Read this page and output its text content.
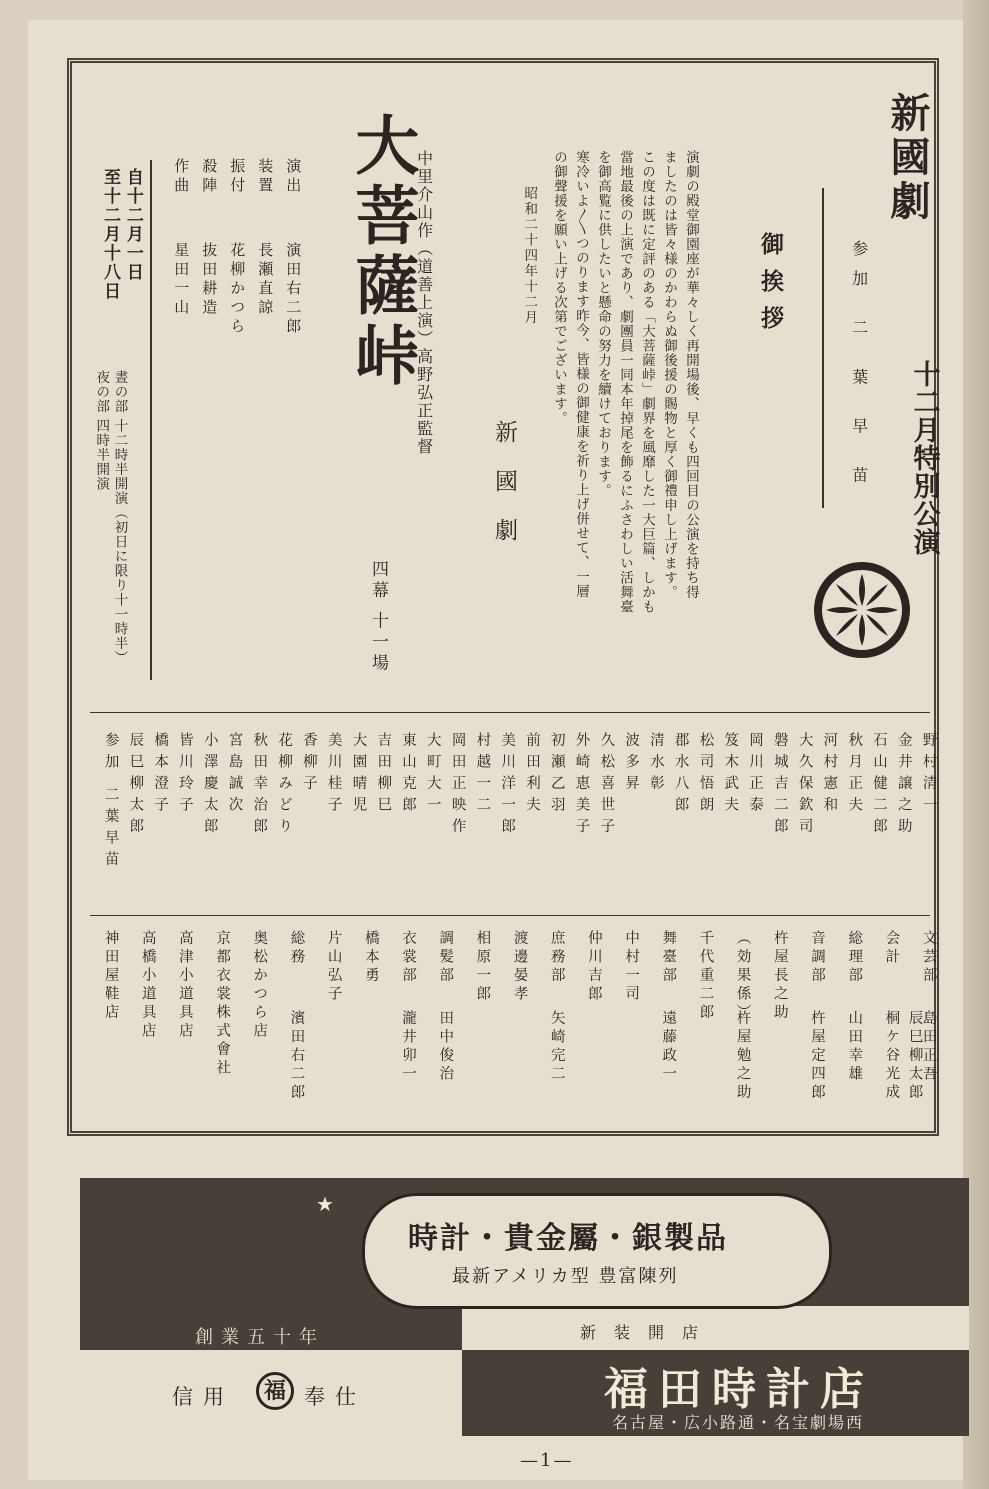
新國劇
十二月特別公演
参加 二 葉 早 苗
御挨拶
演劇の殿堂御園座が華々しく再開場後、早くも四回目の公演を持ち得
ましたのは皆々様のかわらぬ御後援の賜物と厚く御禮申し上げます。
この度は既に定評のある「大菩薩峠」劇界を風靡した一大巨篇、しかも
當地最後の上演であり、劇團員一同本年掉尾を飾るにふさわしい活舞臺
を御高覧に供したいと懸命の努力を續けております。
寒冷いよ〳〵つのります昨今、皆様の御健康を祈り上げ併せて、一層
の御聲援を願い上げる次第でございます。
昭和二十四年十二月
新國劇
大菩薩峠
四幕 十一場
中里介山作（道善上演）高野弘正監督
演出
演田右二郎
装置
長瀬直諒
振付
花柳かつら
殺陣
抜田耕造
作曲
星田一山
自十二月一日
至十二月十八日
晝の部 十二時半開演（初日に限り十一時半）
夜の部 四時半開演
野村清一
金井譲之助
石山健二郎
秋月正夫
河村憲和
大久保欽司
磐城吉二郎
岡川正泰
笈木武夫
松司悟朗
郡水八郎
清水彰
波多昇
久松喜世子
外崎恵美子
初瀬乙羽
前田利夫
美川洋一郎
村越一二
岡田正映作
大町大一
東山克郎
吉田柳巳
大園晴児
美川桂子
香柳子
花柳みどり
秋田幸治郎
宮島誠次
小澤慶太郎
皆川玲子
橋本澄子
辰巳柳太郎
参加 二葉早苗
文芸部
島田正吾
辰巳柳太郎
会計
桐ケ谷光成
総理部
山田幸雄
音調部
杵屋定四郎
杵屋長之助
（効果係）
杵屋勉之助
千代重二郎
舞臺部
遠藤政一
中村一司
仲川吉郎
庶務部
矢崎完二
渡邊晏孝
相原一郎
調髪部
田中俊治
衣裳部
瀧井卯一
橋本勇
片山弘子
総務
濱田右二郎
奥松かつら店
京都衣裳株式會社
高津小道具店
高橋小道具店
神田屋鞋店
★
時計・貴金屬・銀製品
最新アメリカ型 豊富陳列
新装開店
創業五十年
信用	福 奉仕	福田時計店
名古屋・広小路通・名宝劇場西
—1—
